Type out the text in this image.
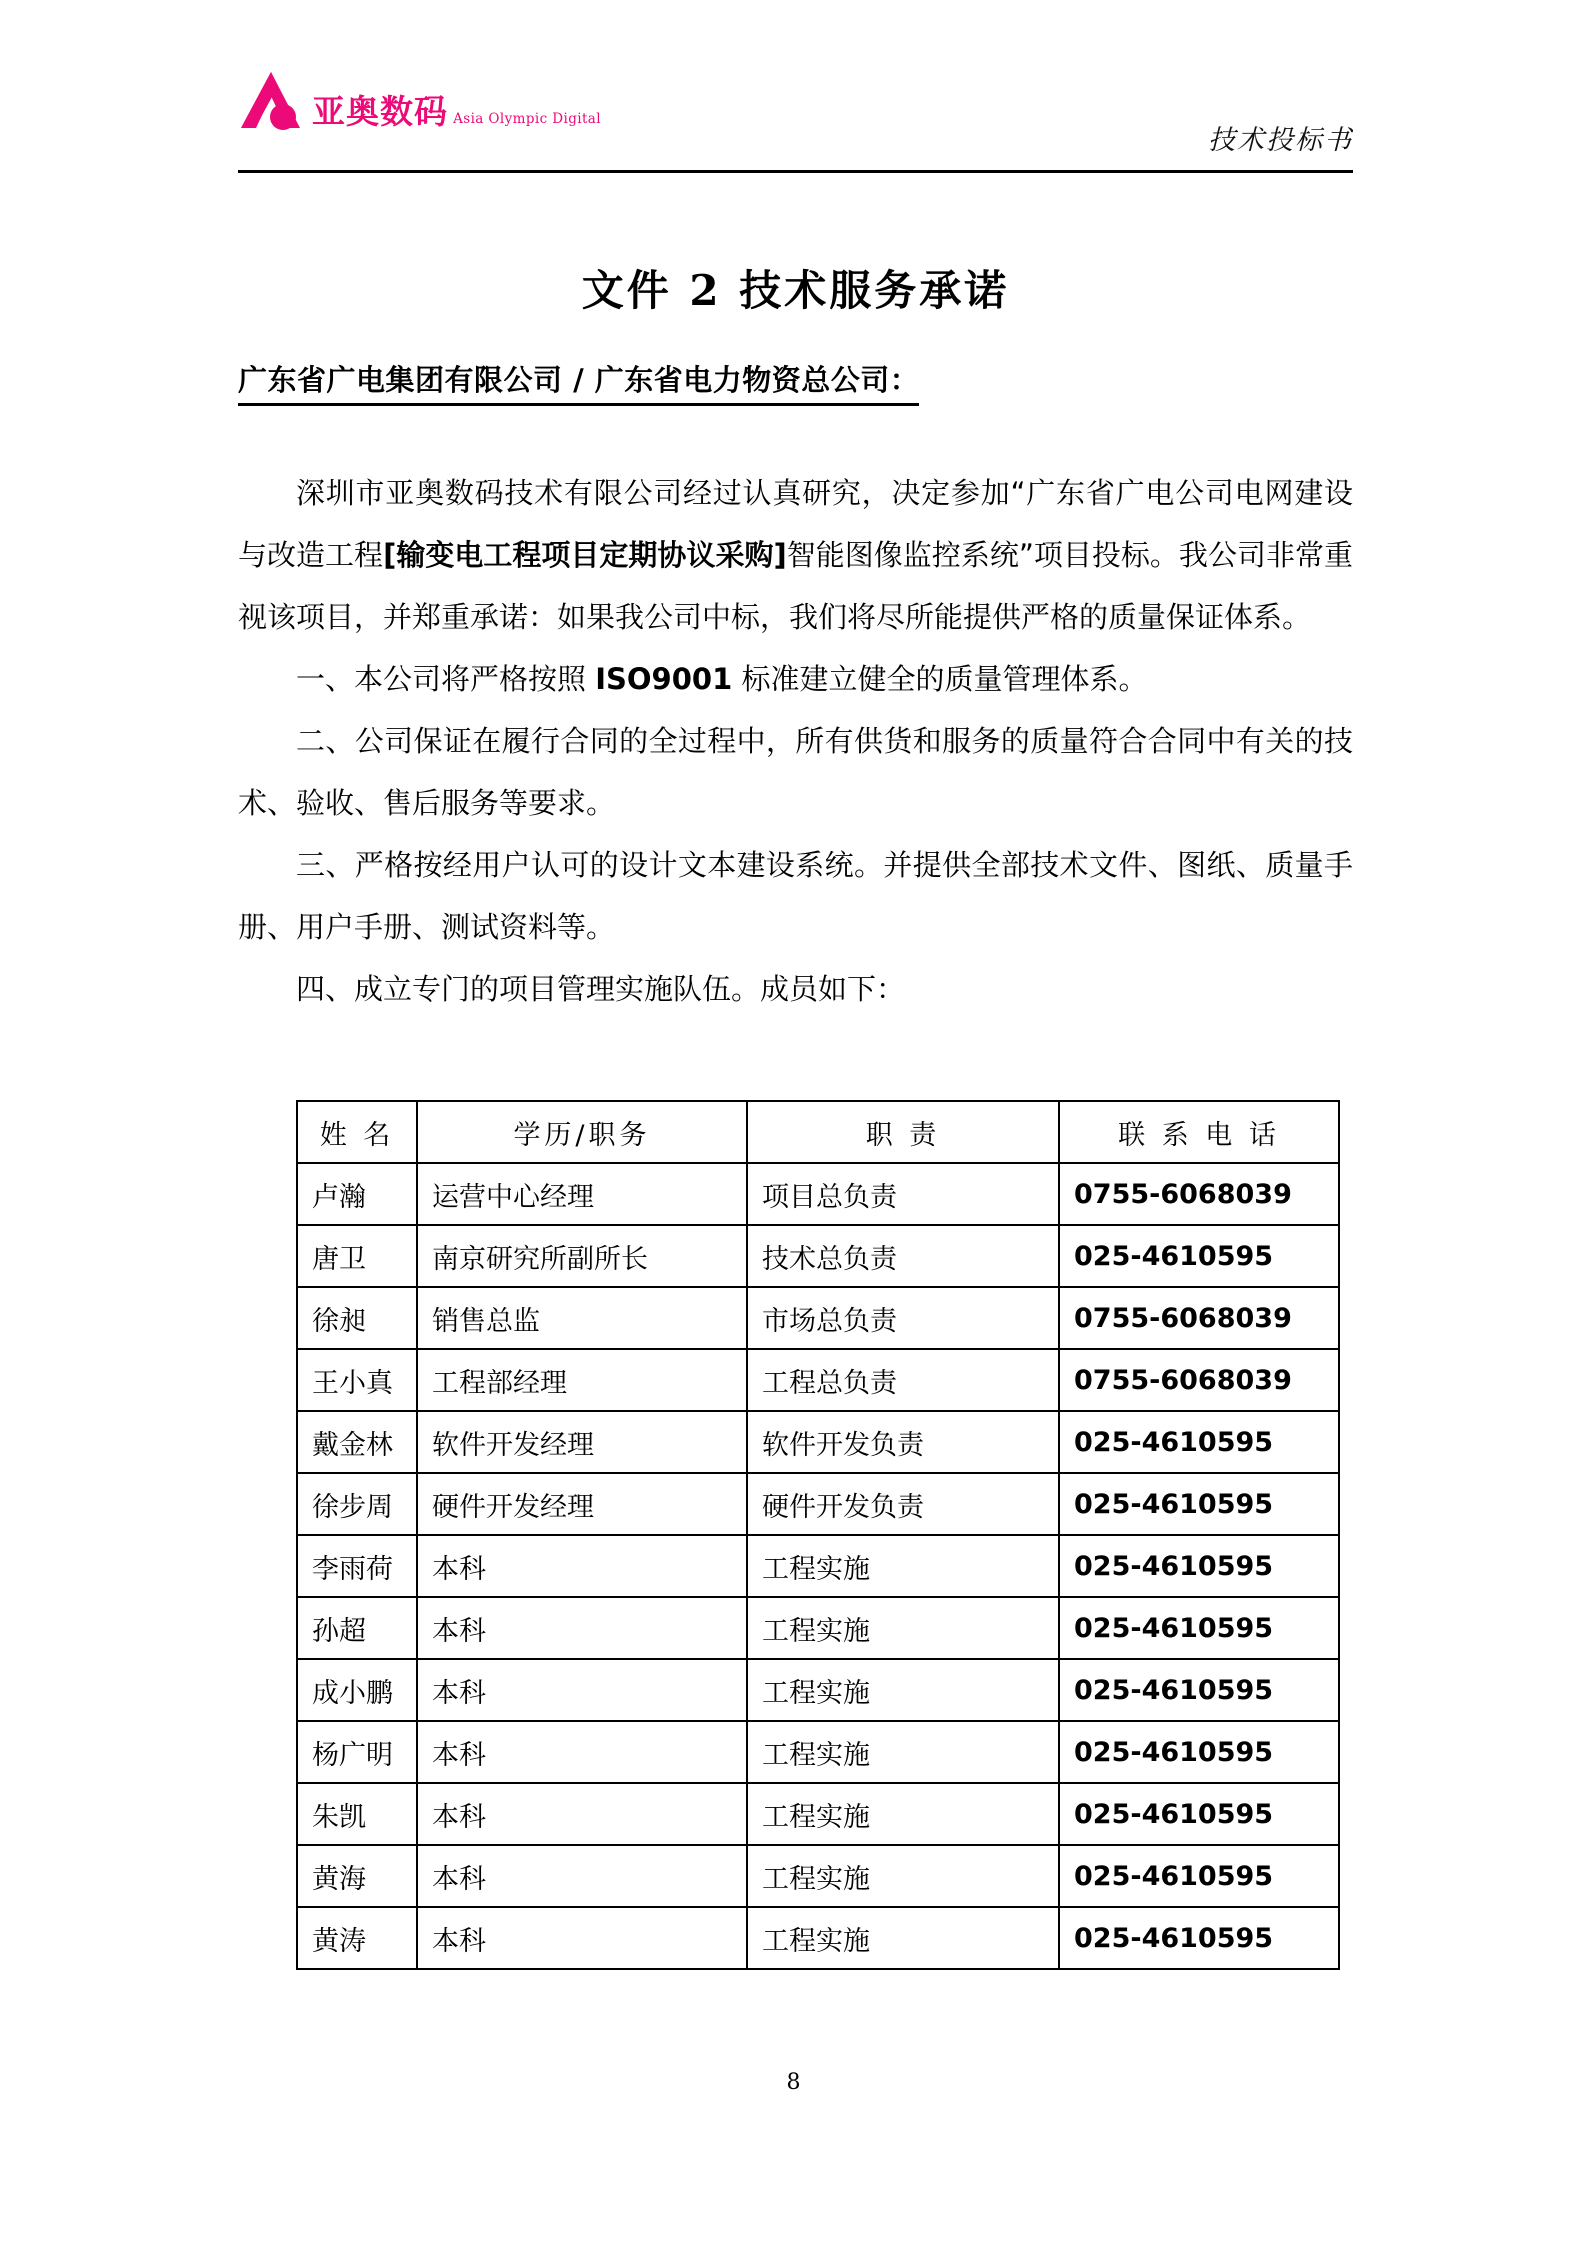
亚奥数码 Asia Olympic Digital
技术投标书
文件 2 技术服务承诺
广东省广电集团有限公司 / 广东省电力物资总公司：

深圳市亚奥数码技术有限公司经过认真研究，决定参加“广东省广电公司电网建设与改造工程[输变电工程项目定期协议采购]智能图像监控系统”项目投标。我公司非常重视该项目，并郑重承诺：如果我公司中标，我们将尽所能提供严格的质量保证体系。

一、本公司将严格按照 ISO9001 标准建立健全的质量管理体系。

二、公司保证在履行合同的全过程中，所有供货和服务的质量符合合同中有关的技术、验收、售后服务等要求。

三、严格按经用户认可的设计文本建设系统。并提供全部技术文件、图纸、质量手册、用户手册、测试资料等。

四、成立专门的项目管理实施队伍。成员如下：

姓 名	学历/职务	职 责	联 系 电 话
卢瀚	运营中心经理	项目总负责	0755-6068039
唐卫	南京研究所副所长	技术总负责	025-4610595
徐昶	销售总监	市场总负责	0755-6068039
王小真	工程部经理	工程总负责	0755-6068039
戴金林	软件开发经理	软件开发负责	025-4610595
徐步周	硬件开发经理	硬件开发负责	025-4610595
李雨荷	本科	工程实施	025-4610595
孙超	本科	工程实施	025-4610595
成小鹏	本科	工程实施	025-4610595
杨广明	本科	工程实施	025-4610595
朱凯	本科	工程实施	025-4610595
黄海	本科	工程实施	025-4610595
黄涛	本科	工程实施	025-4610595
8
